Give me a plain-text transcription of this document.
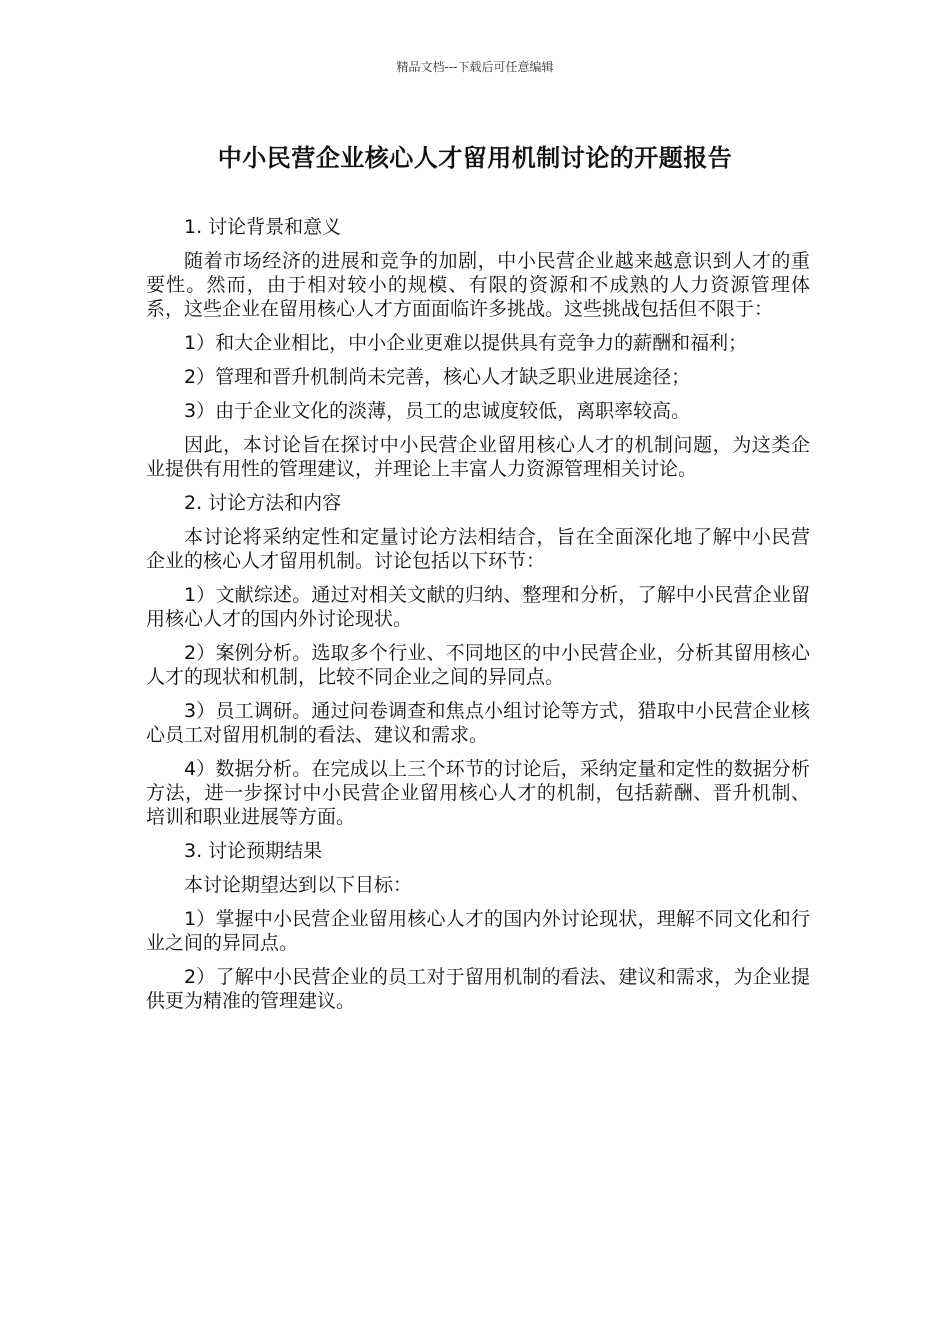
精品文档---下载后可任意编辑
中小民营企业核心人才留用机制讨论的开题报告

1. 讨论背景和意义

随着市场经济的进展和竞争的加剧，中小民营企业越来越意识到人才的重要性。然而，由于相对较小的规模、有限的资源和不成熟的人力资源管理体系，这些企业在留用核心人才方面面临许多挑战。这些挑战包括但不限于：

1）和大企业相比，中小企业更难以提供具有竞争力的薪酬和福利；

2）管理和晋升机制尚未完善，核心人才缺乏职业进展途径；

3）由于企业文化的淡薄，员工的忠诚度较低，离职率较高。

因此，本讨论旨在探讨中小民营企业留用核心人才的机制问题，为这类企业提供有用性的管理建议，并理论上丰富人力资源管理相关讨论。

2. 讨论方法和内容

本讨论将采纳定性和定量讨论方法相结合，旨在全面深化地了解中小民营企业的核心人才留用机制。讨论包括以下环节：

1）文献综述。通过对相关文献的归纳、整理和分析，了解中小民营企业留用核心人才的国内外讨论现状。

2）案例分析。选取多个行业、不同地区的中小民营企业，分析其留用核心人才的现状和机制，比较不同企业之间的异同点。

3）员工调研。通过问卷调查和焦点小组讨论等方式，猎取中小民营企业核心员工对留用机制的看法、建议和需求。

4）数据分析。在完成以上三个环节的讨论后，采纳定量和定性的数据分析方法，进一步探讨中小民营企业留用核心人才的机制，包括薪酬、晋升机制、培训和职业进展等方面。

3. 讨论预期结果

本讨论期望达到以下目标：

1）掌握中小民营企业留用核心人才的国内外讨论现状，理解不同文化和行业之间的异同点。

2）了解中小民营企业的员工对于留用机制的看法、建议和需求，为企业提供更为精准的管理建议。
